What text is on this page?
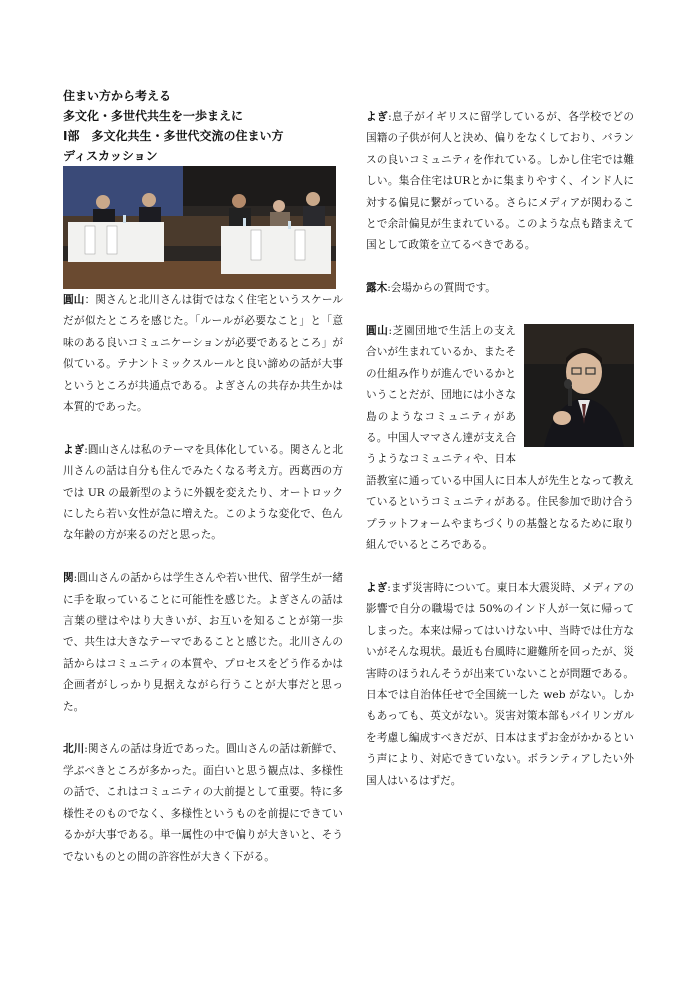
住まい方から考える
多文化・多世代共生を一歩まえに
Ⅰ部　多文化共生・多世代交流の住まい方
ディスカッション

圓山：関さんと北川さんは街ではなく住宅というスケールだが似たところを感じた。「ルールが必要なこと」と「意味のある良いコミュニケーションが必要であるところ」が似ている。テナントミックスルールと良い諦めの話が大事というところが共通点である。よぎさんの共存か共生かは本質的であった。

よぎ:圓山さんは私のテーマを具体化している。関さんと北川さんの話は自分も住んでみたくなる考え方。西葛西の方では UR の最新型のように外観を変えたり、オートロックにしたら若い女性が急に増えた。このような変化で、色んな年齢の方が来るのだと思った。

関:圓山さんの話からは学生さんや若い世代、留学生が一緒に手を取っていることに可能性を感じた。よぎさんの話は言葉の壁はやはり大きいが、お互いを知ることが第一歩で、共生は大きなテーマであることと感じた。北川さんの話からはコミュニティの本質や、プロセスをどう作るかは企画者がしっかり見据えながら行うことが大事だと思った。

北川:関さんの話は身近であった。圓山さんの話は新鮮で、学ぶべきところが多かった。面白いと思う観点は、多様性の話で、これはコミュニティの大前提として重要。特に多様性そのものでなく、多様性というものを前提にできているかが大事である。単一属性の中で偏りが大きいと、そうでないものとの間の許容性が大きく下がる。

よぎ:息子がイギリスに留学しているが、各学校でどの国籍の子供が何人と決め、偏りをなくしており、バランスの良いコミュニティを作れている。しかし住宅では難しい。集合住宅はURとかに集まりやすく、インド人に対する偏見に繋がっている。さらにメディアが関わることで余計偏見が生まれている。このような点も踏まえて国として政策を立てるべきである。

露木:会場からの質問です。

圓山:芝園団地で生活上の支え合いが生まれているか、またその仕組み作りが進んでいるかということだが、団地には小さな島のようなコミュニティがある。中国人ママさん達が支え合うようなコミュニティや、日本語教室に通っている中国人に日本人が先生となって教えているというコミュニティがある。住民参加で助け合うプラットフォームやまちづくりの基盤となるために取り組んでいるところである。

よぎ:まず災害時について。東日本大震災時、メディアの影響で自分の職場では 50%のインド人が一気に帰ってしまった。本来は帰ってはいけない中、当時では仕方ないがそんな現状。最近も台風時に避難所を回ったが、災害時のほうれんそうが出来ていないことが問題である。日本では自治体任せで全国統一した web がない。しかもあっても、英文がない。災害対策本部もバイリンガルを考慮し編成すべきだが、日本はまずお金がかかるという声により、対応できていない。ボランティアしたい外国人はいるはずだ。
